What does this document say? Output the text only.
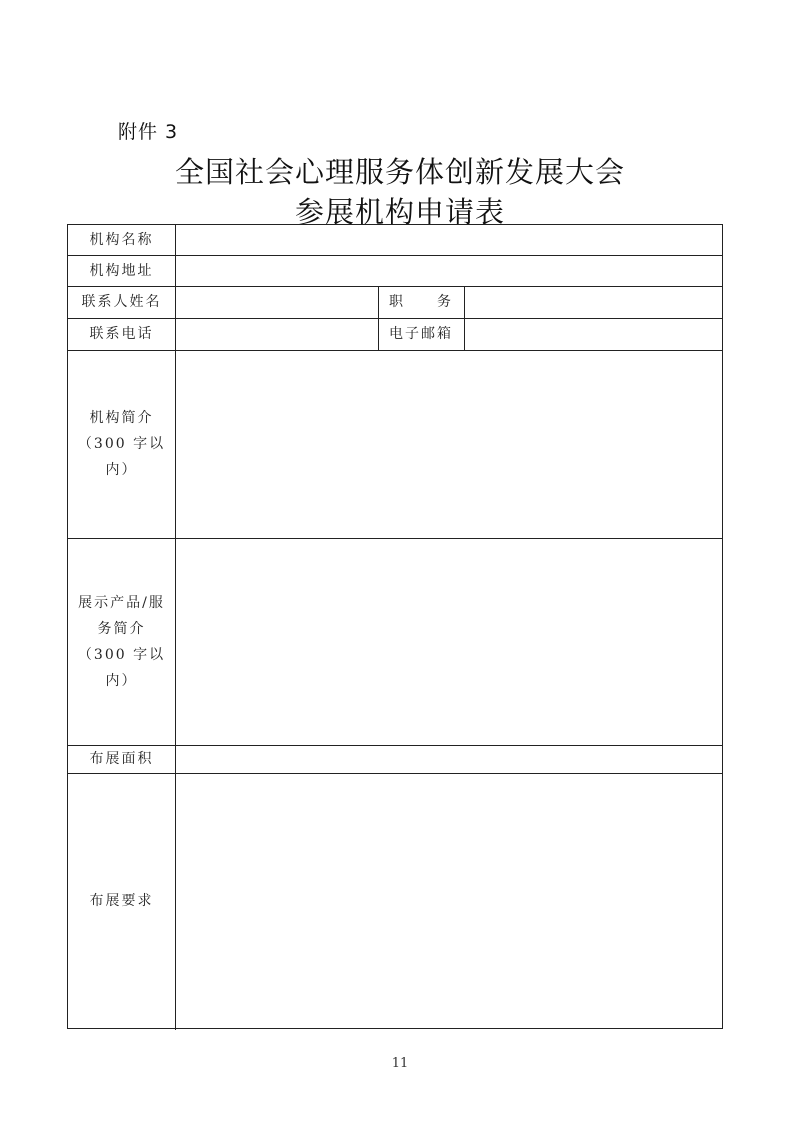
附件 3
全国社会心理服务体创新发展大会
参展机构申请表
机构名称
机构地址
联系人姓名	职　　务
联系电话	电子邮箱
机构简介
（300 字以
内）
展示产品/服
务简介
（300 字以
内）
布展面积
布展要求
11
